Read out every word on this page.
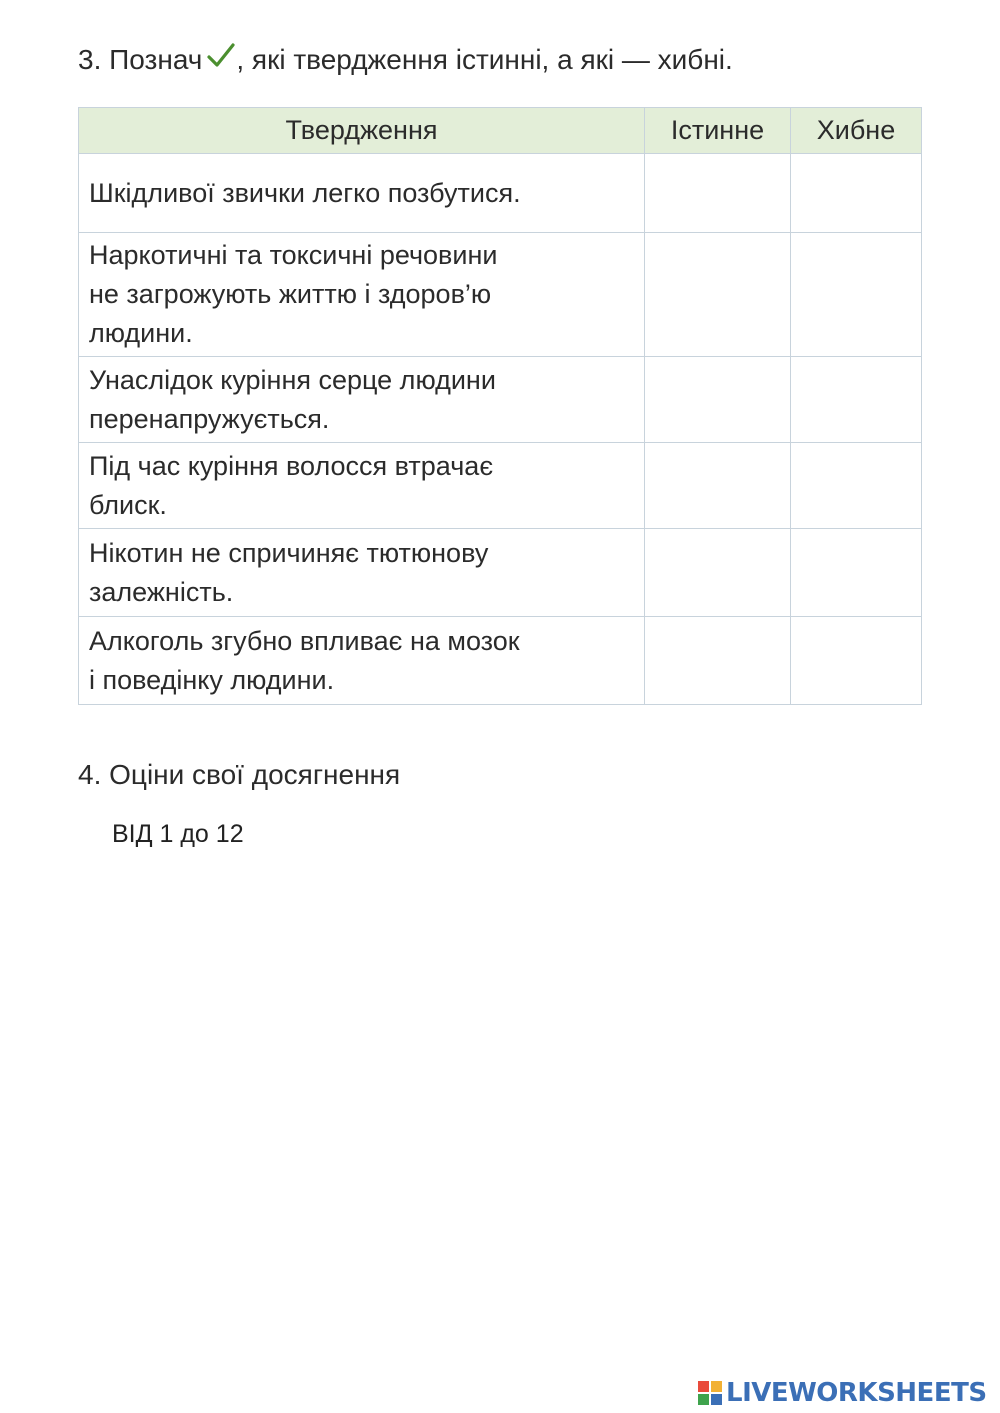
3. Познач , які твердження істинні, а які — хибні.
Твердження	Істинне	Хибне

Шкідливої звички легко позбутися.		

Наркотичні та токсичні речовини
не загрожують життю і здоров’ю
людини.		

Унаслідок куріння серце людини
перенапружується.		

Під час куріння волосся втрачає
блиск.		

Нікотин не спричиняє тютюнову
залежність.		

Алкоголь згубно впливає на мозок
і поведінку людини.		

4. Оціни свої досягнення
ВІД 1 до 12
LIVEWORKSHEETS
